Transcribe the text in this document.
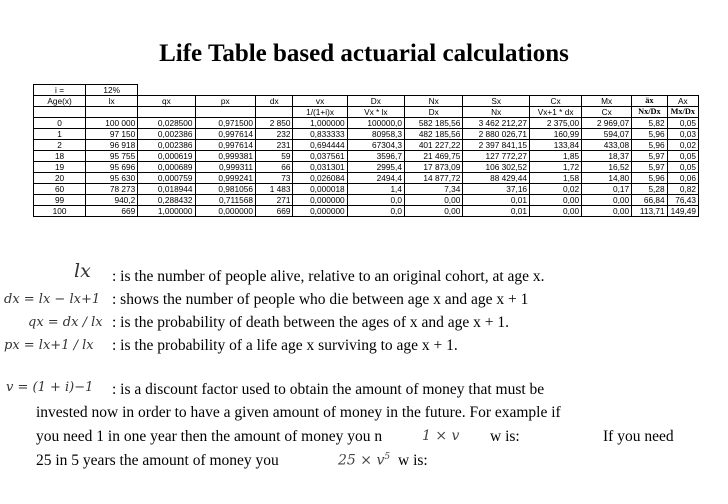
Life Table based actuarial calculations
i =	12%											
Age(x)	lx	qx	px	dx	vx	Dx	Nx	Sx	Cx	Mx	äx	Ax
					1/(1+i)x	Vx * lx	Dx	Nx	Vx+1 * dx	Cx	Nx/Dx	Mx/Dx
0	100 000	0,028500	0,971500	2 850	1,000000	100000,0	582 185,56	3 462 212,27	2 375,00	2 969,07	5,82	0,05
1	97 150	0,002386	0,997614	232	0,833333	80958,3	482 185,56	2 880 026,71	160,99	594,07	5,96	0,03
2	96 918	0,002386	0,997614	231	0,694444	67304,3	401 227,22	2 397 841,15	133,84	433,08	5,96	0,02
18	95 755	0,000619	0,999381	59	0,037561	3596,7	21 469,75	127 772,27	1,85	18,37	5,97	0,05
19	95 696	0,000689	0,999311	66	0,031301	2995,4	17 873,09	106 302,52	1,72	16,52	5,97	0,05
20	95 630	0,000759	0,999241	73	0,026084	2494,4	14 877,72	88 429,44	1,58	14,80	5,96	0,06
60	78 273	0,018944	0,981056	1 483	0,000018	1,4	7,34	37,16	0,02	0,17	5,28	0,82
99	940,2	0,288432	0,711568	271	0,000000	0,0	0,00	0,01	0,00	0,00	66,84	76,43
100	669	1,000000	0,000000	669	0,000000	0,0	0,00	0,01	0,00	0,00	113,71	149,49
lx : is the number of people alive, relative to an original cohort, at age x.
dx = lx − lx+1 : shows the number of people who die between age x and age x + 1
qx = dx / lx : is the probability of death between the ages of x and age x + 1.
px = lx+1 / lx : is the probability of a life age x surviving to age x + 1.
v = (1 + i)−1 : is a discount factor used to obtain the amount of money that must be
invested now in order to have a given amount of money in the future. For example if
you need 1 in one year then the amount of money you n	1 × v w is:	If you need
25 in 5 years the amount of money you	$25 \times v^5$ w is:
